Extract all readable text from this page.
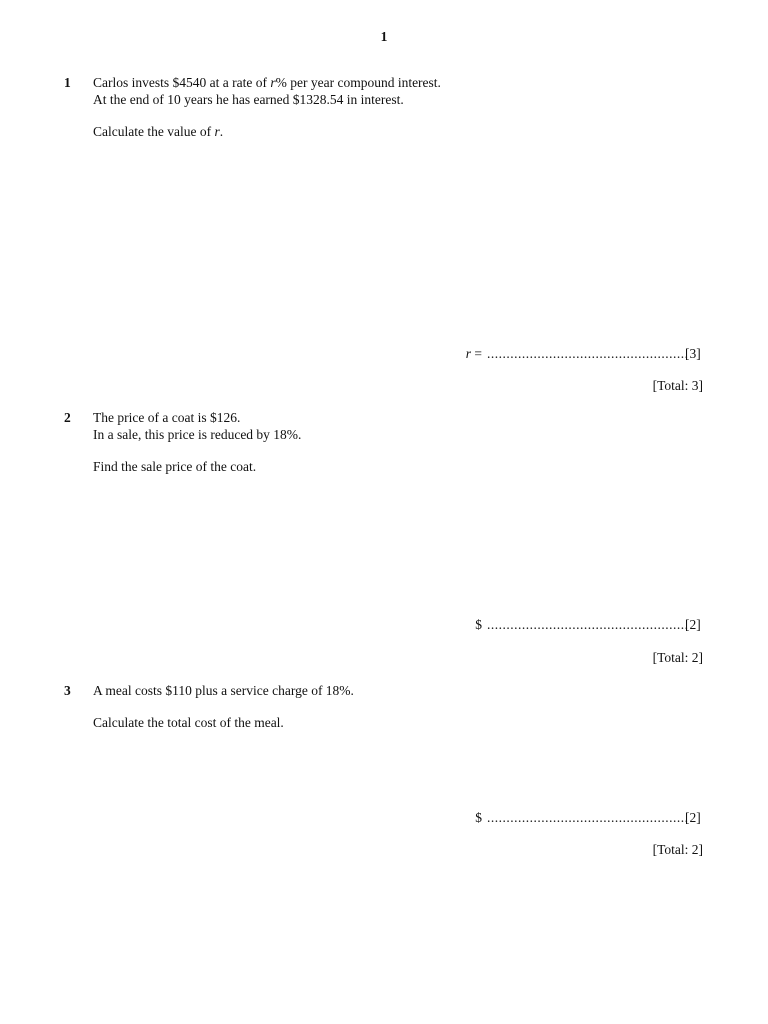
1
1 Carlos invests $4540 at a rate of r% per year compound interest.
At the end of 10 years he has earned $1328.54 in interest.
Calculate the value of r.
r = ....................................................
[3]
[Total: 3]
2 The price of a coat is $126.
In a sale, this price is reduced by 18%.
Find the sale price of the coat.
$ ....................................................
[2]
[Total: 2]
3 A meal costs $110 plus a service charge of 18%.
Calculate the total cost of the meal.
$ ....................................................
[2]
[Total: 2]
